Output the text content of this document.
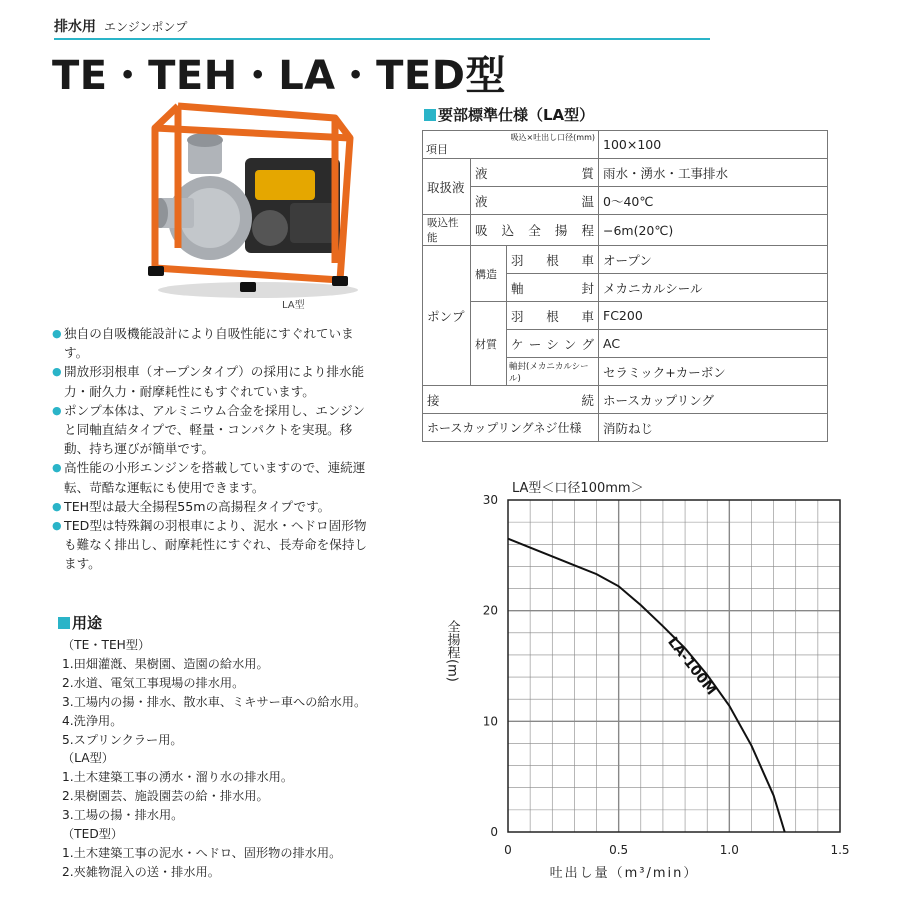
排水用 エンジンポンプ
TE・TEH・LA・TED型
LA型
● 独自の自吸機能設計により自吸性能にすぐれています。
● 開放形羽根車（オープンタイプ）の採用により排水能力・耐久力・耐摩耗性にもすぐれています。
● ポンプ本体は、アルミニウム合金を採用し、エンジンと同軸直結タイプで、軽量・コンパクトを実現。移動、持ち運びが簡単です。
● 高性能の小形エンジンを搭載していますので、連続運転、苛酷な運転にも使用できます。
● TEH型は最大全揚程55mの高揚程タイプです。
● TED型は特殊鋼の羽根車により、泥水・ヘドロ固形物も難なく排出し、耐摩耗性にすぐれ、長寿命を保持します。
用途
（TE・TEH型）
1.田畑灌漑、果樹園、造園の給水用。
2.水道、電気工事現場の排水用。
3.工場内の揚・排水、散水車、ミキサー車への給水用。
4.洗浄用。
5.スプリンクラー用。
（LA型）
1.土木建築工事の湧水・溜り水の排水用。
2.果樹園芸、施設園芸の給・排水用。
3.工場の揚・排水用。
（TED型）
1.土木建築工事の泥水・ヘドロ、固形物の排水用。
2.夾雑物混入の送・排水用。
要部標準仕様（LA型）
吸込×吐出し口径(mm)
項目			100×100
取扱液	液 質		雨水・湧水・工事排水
	液 温		0～40℃
吸込性能	吸込全揚程		−6m(20℃)
ポンプ	構造	羽根車	オープン
		軸封	メカニカルシール
	材質	羽根車	FC200
		ケーシング	AC
		軸封(メカニカルシール)	セラミック+カーボン
接 続			ホースカップリング
ホースカップリングネジ仕様			消防ねじ
LA型＜口径100mm＞
0	0.5	1.0	1.5
0
10
20
30
吐出し量（m³/min）
全揚程(m)	LA-100M
